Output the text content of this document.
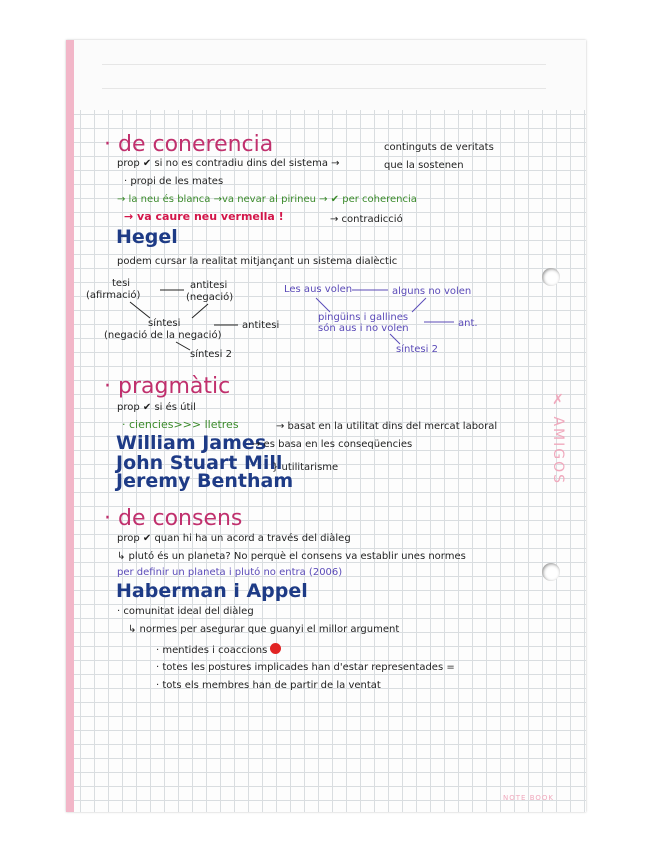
✗ AMIGOS
NOTE BOOK
· de conerencia	continguts de veritats
que la sostenen
prop ✔ si no es contradiu dins del sistema →
· propi de les mates
→ la neu és blanca →va nevar al pirineu → ✔ per coherencia
→ va caure neu vermella !	→ contradicció
Hegel
podem cursar la realitat mitjançant un sistema dialèctic
tesi
(afirmació)
antitesi
(negació)
síntesi
(negació de la negació)
antitesi
síntesi 2
Les aus volen	alguns no volen
pingüins i gallines
són aus i no volen	ant.
síntesi 2
· pragmàtic
prop ✔ si és útil
· ciencies>>> lletres	→ basat en la utilitat dins del mercat laboral
William James
→ es basa en les conseqüencies
John Stuart Mill
Jeremy Bentham
} utilitarisme
· de consens
prop ✔ quan hi ha un acord a través del diàleg
↳ plutó és un planeta? No perquè el consens va establir unes normes
per definir un planeta i plutó no entra (2006)
Haberman i Appel
· comunitat ideal del diàleg
↳ normes per asegurar que guanyi el millor argument
· mentides i coaccions
· totes les postures implicades han d'estar representades =
· tots els membres han de partir de la ventat
